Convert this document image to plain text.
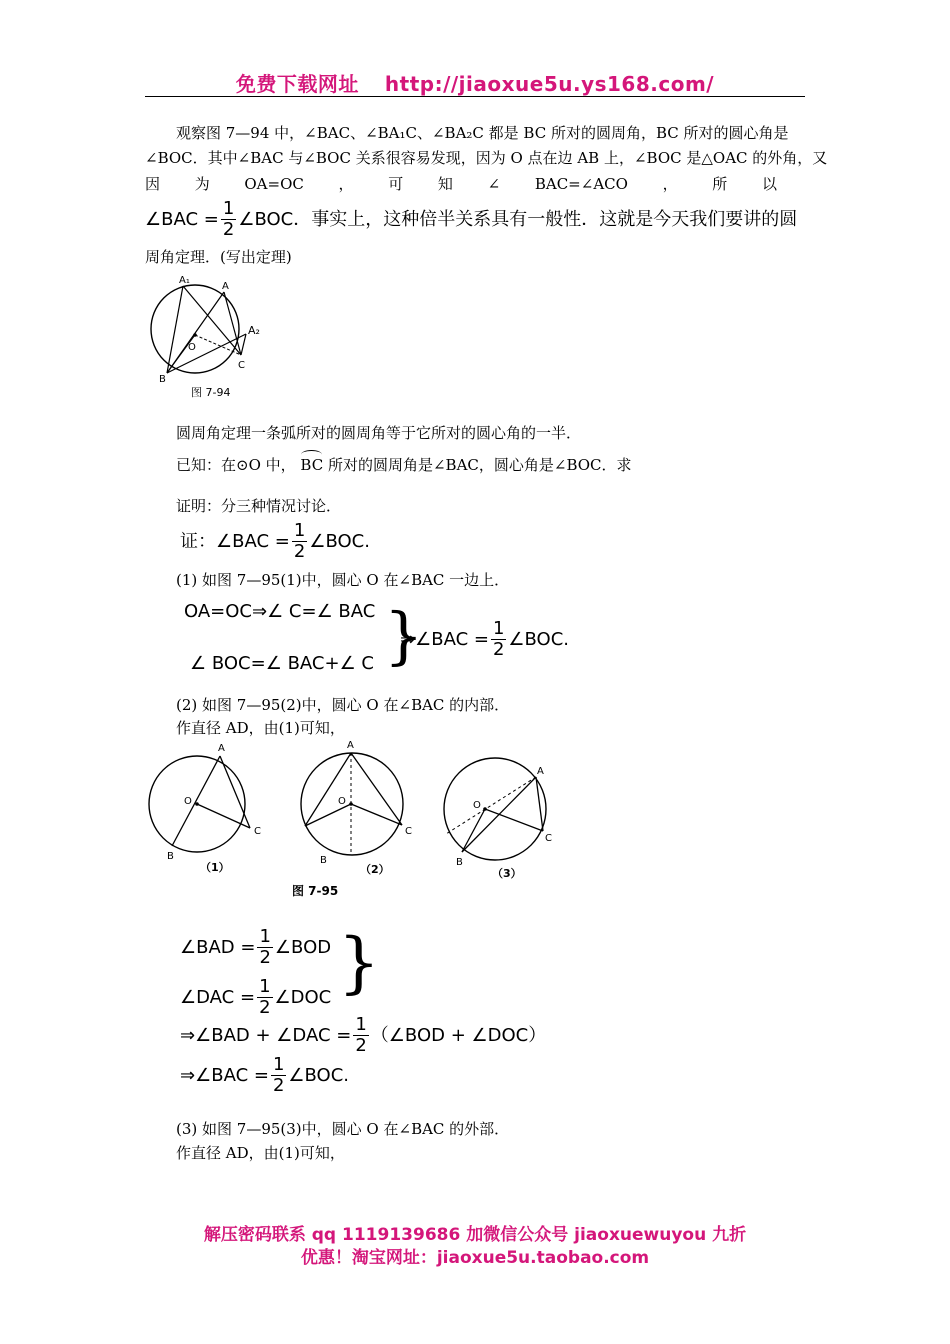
免费下载网址 http://jiaoxue5u.ys168.com/
观察图 7—94 中，∠BAC、∠BA₁C、∠BA₂C 都是 BC 所对的圆周角，BC 所对的圆心角是
∠BOC．其中∠BAC 与∠BOC 关系很容易发现，因为 O 点在边 AB 上，∠BOC 是△OAC 的外角，又
因 为 OA=OC ， 可 知 ∠ BAC=∠ACO ， 所 以
∠BAC = $\frac{1}{2}$ ∠BOC．事实上，这种倍半关系具有一般性．这就是今天我们要讲的圆
周角定理．(写出定理)
A₁
A
A₂
O
B
C
图 7-94
圆周角定理一条弧所对的圆周角等于它所对的圆心角的一半．
已知：在⊙O 中， BC 所对的圆周角是∠BAC，圆心角是∠BOC．求
证明：分三种情况讨论．
证：∠BAC = $\frac{1}{2}$ ∠BOC.
(1) 如图 7—95(1)中，圆心 O 在∠BAC 一边上．
OA=OC⇒∠ C=∠ BAC
∠ BOC=∠ BAC+∠ C }
⇒∠BAC = $\frac{1}{2}$ ∠BOC.
(2) 如图 7—95(2)中，圆心 O 在∠BAC 的内部．
作直径 AD，由(1)可知，
A
O
B
C
（1）
A
O
B
C
（2）
A
O
B
C
（3）
图 7-95
∠BAD = $\frac{1}{2}$ ∠BOD
∠DAC = $\frac{1}{2}$ ∠DOC }
⇒∠BAD + ∠DAC = $\frac{1}{2}$ （∠BOD + ∠DOC）
⇒∠BAC = $\frac{1}{2}$ ∠BOC.
(3) 如图 7—95(3)中，圆心 O 在∠BAC 的外部．
作直径 AD，由(1)可知，
解压密码联系 qq 1119139686 加微信公众号 jiaoxuewuyou 九折
优惠！淘宝网址：jiaoxue5u.taobao.com
